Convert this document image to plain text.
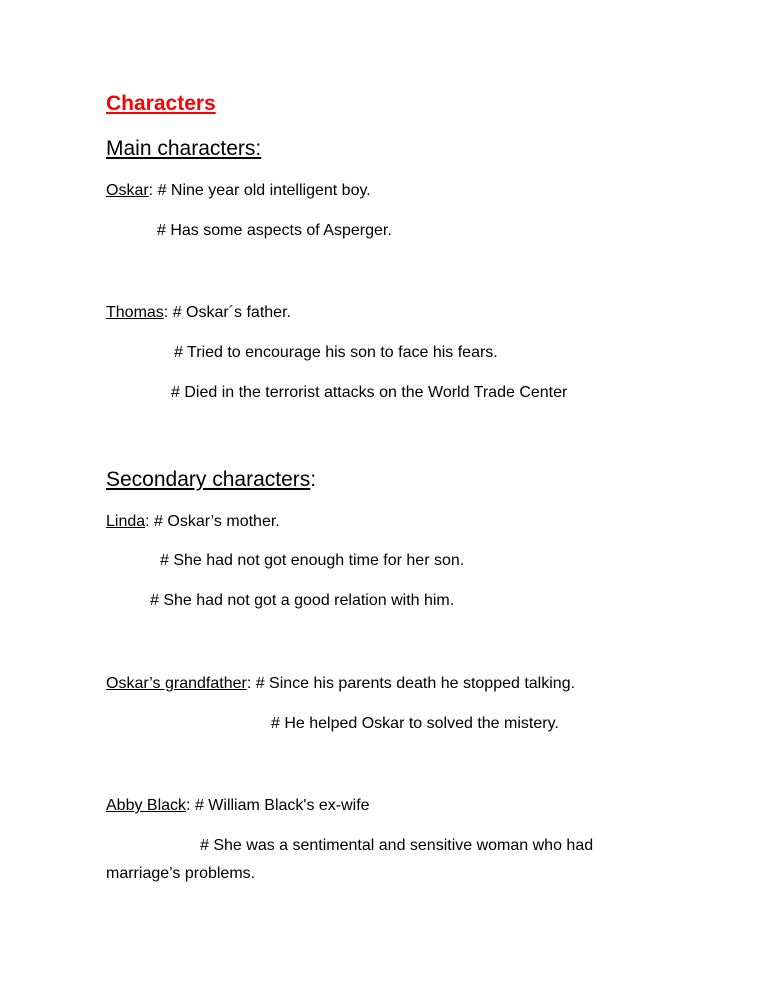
Characters
Main characters:

Oskar: # Nine year old intelligent boy.

# Has some aspects of Asperger.

Thomas: # Oskar´s father.

# Tried to encourage his son to face his fears.

# Died in the terrorist attacks on the World Trade Center

Secondary characters:

Linda: # Oskar’s mother.

# She had not got enough time for her son.

# She had not got a good relation with him.

Oskar’s grandfather: # Since his parents death he stopped talking.

# He helped Oskar to solved the mistery.

Abby Black: # William Black's ex-wife

# She was a sentimental and sensitive woman who had

marriage’s problems.
